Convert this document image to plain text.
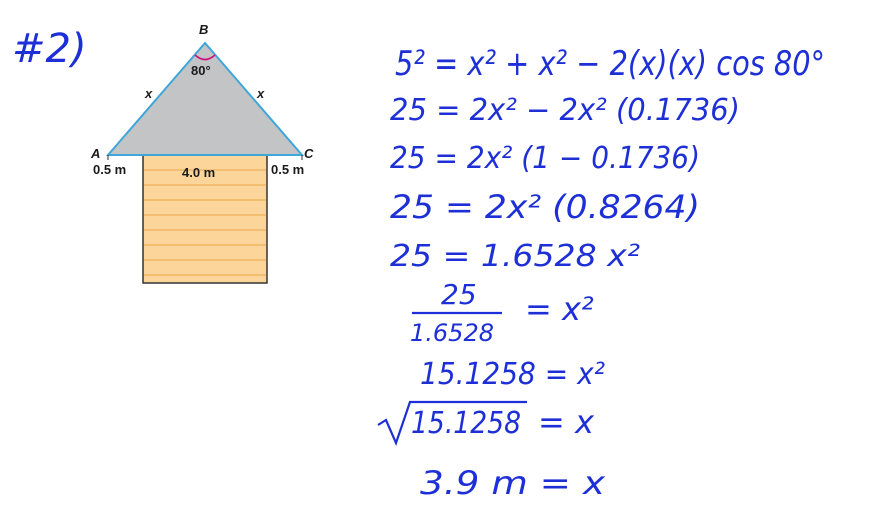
#2)	B
A	C
80°
x	x
0.5 m	0.5 m
4.0 m
5² = x² + x² − 2(x)(x) cos 80°
25 = 2x² − 2x² (0.1736)
25 = 2x² (1 − 0.1736)
25 = 2x² (0.8264)
25 = 1.6528 x²
25
1.6528
= x²
15.1258 = x²
15.1258 = x
3.9 m = x
